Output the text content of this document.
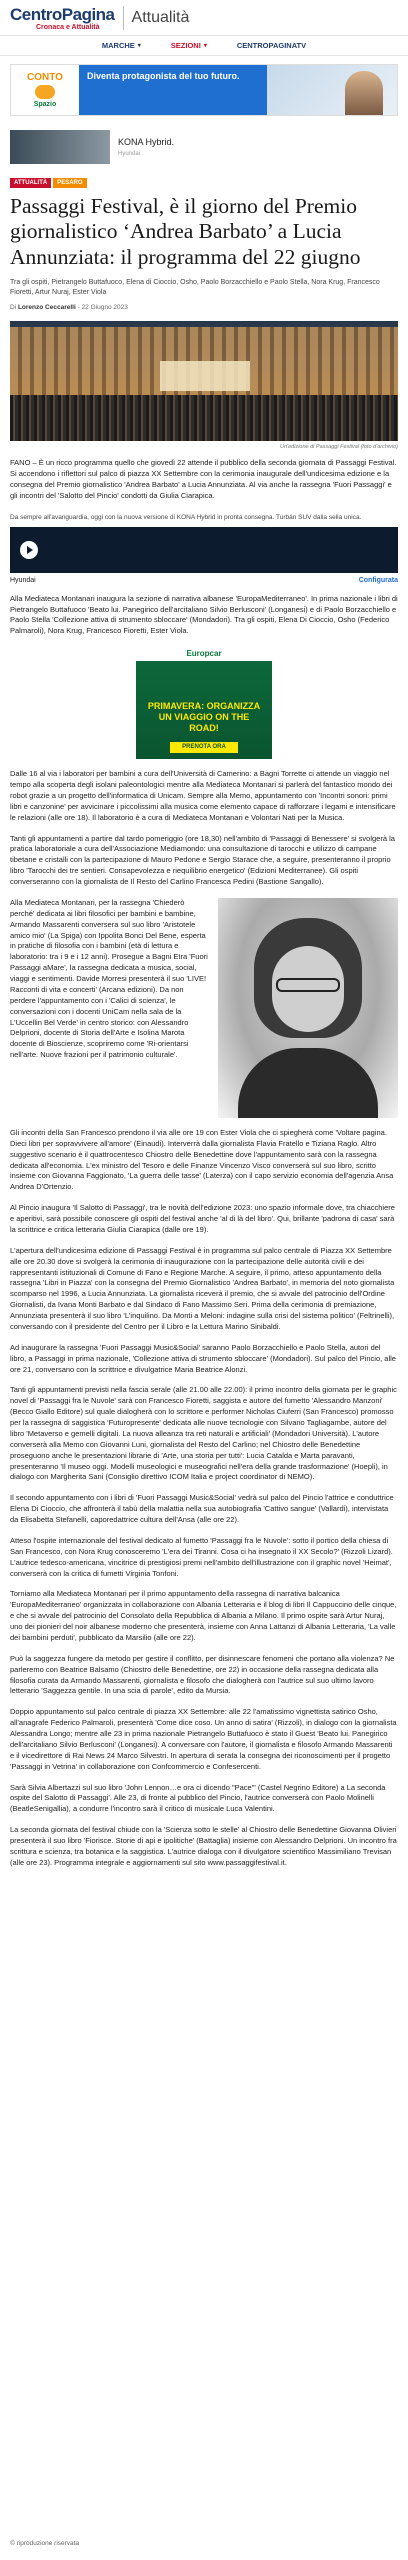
CentroPagina
Cronaca e Attualità
Attualità
MARCHE ▾	SEZIONI ▾	CENTROPAGINATV
CONTO
Spazio
Diventa protagonista del tuo futuro.
KONA Hybrid.
Hyundai
ATTUALITÀ	PESARO
Passaggi Festival, è il giorno del Premio giornalistico ‘Andrea Barbato’ a Lucia Annunziata: il programma del 22 giugno

Tra gli ospiti, Pietrangelo Buttafuoco, Elena di Cioccio, Osho, Paolo Borzacchiello e Paolo Stella, Nora Krug, Francesco Fioretti, Artur Nuraj, Ester Viola

Di Lorenzo Ceccarelli - 22 Giugno 2023

Un'edizione di Passaggi Festival (foto d'archivio)

FANO – È un ricco programma quello che giovedì 22 attende il pubblico della seconda giornata di Passaggi Festival. Si accendono i riflettori sul palco di piazza XX Settembre con la cerimonia inaugurale dell'undicesima edizione e la consegna del Premio giornalistico 'Andrea Barbato' a Lucia Annunziata. Al via anche la rassegna 'Fuori Passaggi' e gli incontri del 'Salotto del Pincio' condotti da Giulia Ciarapica.

Da sempre all'avanguardia, oggi con la nuova versione di KONA Hybrid in pronta consegna. Turbán SUV dalla sella unica.
Hyundai	Configurata

Alla Mediateca Montanari inaugura la sezione di narrativa albanese 'EuropaMediterraneo'. In prima nazionale i libri di Pietrangelo Buttafuoco 'Beato lui. Panegirico dell'arcitaliano Silvio Berlusconi' (Longanesi) e di Paolo Borzacchiello e Paolo Stella 'Collezione attiva di strumento sbloccare' (Mondadori). Tra gli ospiti, Elena Di Cioccio, Osho (Federico Palmaroli), Nora Krug, Francesco Fioretti, Ester Viola.

Europcar
PRIMAVERA: ORGANIZZA UN VIAGGIO ON THE ROAD!
PRENOTA ORA

Dalle 16 al via i laboratori per bambini a cura dell'Università di Camerino: a Bagni Torrette ci attende un viaggio nel tempo alla scoperta degli isolani paleontologici mentre alla Mediateca Montanari si parlerà del fantastico mondo dei robot grazie a un progetto dell'informatica di Unicam. Sempre alla Memo, appuntamento con 'Incontri sonori: primi libri e canzonine' per avvicinare i piccolissimi alla musica come elemento capace di rafforzare i legami e intensificare le relazioni (alle ore 18). Il laboratorio è a cura di Mediateca Montanari e Volontari Nati per la Musica.

Tanti gli appuntamenti a partire dal tardo pomeriggio (ore 18,30) nell'ambito di 'Passaggi di Benessere' si svolgerà la pratica laboratoriale a cura dell'Associazione Mediamondo: una consultazione di tarocchi e utilizzo di campane tibetane e cristalli con la partecipazione di Mauro Pedone e Sergio Starace che, a seguire, presenteranno il proprio libro 'Tarocchi dei tre sentieri. Consapevolezza e riequilibrio energetico' (Edizioni Mediterranee). Gli ospiti converseranno con la giornalista de Il Resto del Carlino Francesca Pedini (Bastione Sangallo).

Alla Mediateca Montanari, per la rassegna 'Chiederò perché' dedicata ai libri filosofici per bambini e bambine, Armando Massarenti conversera sul suo libro 'Aristotele amico mio' (La Spiga) con Ippolita Bonci Del Bene, esperta in pratiche di filosofia con i bambini (età di lettura e laboratorio: tra i 9 e i 12 anni). Prosegue a Bagni Etra 'Fuori Passaggi aMare', la rassegna dedicata a musica, social, viaggi e sentimenti. Davide Morresi presenterà il suo 'LIVE! Racconti di vita e concerti' (Arcana edizioni). Da non perdere l'appuntamento con i 'Calici di scienza', le conversazioni con i docenti UniCam nella sala de la L'Uccellin Bel Verde' in centro storico: con Alessandro Delprioni, docente di Storia dell'Arte e Isolina Marota docente di Bioscienze, scopriremo come 'Ri-orientarsi nell'arte. Nuove frazioni per il patrimonio culturale'.

Gli incontri della San Francesco prendono il via alle ore 19 con Ester Viola che ci spiegherà come 'Voltare pagina. Dieci libri per sopravvivere all'amore' (Einaudi). Interverrà dalla giornalista Flavia Fratello e Tiziana Raglo. Altro suggestivo scenario è il quattrocentesco Chiostro delle Benedettine dove l'appuntamento sarà con la rassegna dedicata all'economia. L'ex ministro del Tesoro e delle Finanze Vincenzo Visco converserà sul suo libro, scritto insieme con Giovanna Faggionato, 'La guerra delle tasse' (Laterza) con il capo servizio economia dell'agenzia Ansa Andrea D'Ortenzio.

Al Pincio inaugura 'Il Salotto di Passaggi', tra le novità dell'edizione 2023: uno spazio informale dove, tra chiacchiere e aperitivi, sarà possibile conoscere gli ospiti del festival anche 'al di là del libro'. Qui, brillante 'padrona di casa' sarà la scrittrice e critica letteraria Giulia Ciarapica (dalle ore 19).

L'apertura dell'undicesima edizione di Passaggi Festival è in programma sul palco centrale di Piazza XX Settembre alle ore 20.30 dove si svolgerà la cerimonia di inaugurazione con la partecipazione delle autorità civili e dei rappresentanti istituzionali di Comune di Fano e Regione Marche. A seguire, il primo, atteso appuntamento della rassegna 'Libri in Piazza' con la consegna del Premio Giornalistico 'Andrea Barbato', in memoria del noto giornalista scomparso nel 1996, a Lucia Annunziata. La giornalista riceverà il premio, che si avvale del patrocinio dell'Ordine Giornalisti, da Ivana Monti Barbato e dal Sindaco di Fano Massimo Seri. Prima della cerimonia di premiazione, Annunziata presenterà il suo libro 'L'inquilino. Da Monti a Meloni: indagine sulla crisi del sistema politico' (Feltrinelli), conversando con il presidente del Centro per il Libro e la Lettura Marino Sinibaldi.

Ad inaugurare la rassegna 'Fuori Passaggi Music&Social' saranno Paolo Borzacchiello e Paolo Stella, autori del libro, a Passaggi in prima nazionale, 'Collezione attiva di strumento sbloccare' (Mondadori). Sul palco del Pincio, alle ore 21, conversano con la scrittrice e divulgatrice Maria Beatrice Alonzi.

Tanti gli appuntamenti previsti nella fascia serale (alle 21.00 alle 22.00): il primo incontro della giornata per le graphic novel di 'Passaggi fra le Nuvole' sarà con Francesco Fioretti, saggista e autore del fumetto 'Alessandro Manzoni' (Becco Giallo Editore) sul quale dialogherà con lo scrittore e performer Nicholas Ciuferri (San Francesco) promosso per la rassegna di saggistica 'Futuropresente' dedicata alle nuove tecnologie con Silvano Tagliagambe, autore del libro 'Metaverso e gemelli digitali. La nuova alleanza tra reti naturali e artificiali' (Mondadori Università). L'autore converserà alla Memo con Giovanni Luni, giornalista del Resto del Carlino; nel Chiostro delle Benedettine proseguono anche le presentazioni librarie di 'Arte, una storia per tutti': Lucia Catalda e Marta paravanti, presenteranno 'Il museo oggi. Modelli museologici e museografici nell'era della grande trasformazione' (Hoepli), in dialogo con Margherita Sani (Consiglio direttivo ICOM Italia e project coordinator di NEMO).

Il secondo appuntamento con i libri di 'Fuori Passaggi Music&Social' vedrà sul palco del Pincio l'attrice e conduttrice Elena Di Cioccio, che affronterà il tabù della malattia nella sua autobiografia 'Cattivo sangue' (Vallardi), intervistata da Elisabetta Stefanelli, caporedattrice cultura dell'Ansa (alle ore 22).

Atteso l'ospite internazionale del festival dedicato al fumetto 'Passaggi fra le Nuvole': sotto il portico della chiesa di San Francesco, con Nora Krug conosceremo 'L'era dei Tiranni. Cosa ci ha insegnato il XX Secolo?' (Rizzoli Lizard). L'autrice tedesco-americana, vincitrice di prestigiosi premi nell'ambito dell'illustrazione con il graphic novel 'Heimat', converserà con la critica di fumetti Virginia Tonfoni.

Torniamo alla Mediateca Montanari per il primo appuntamento della rassegna di narrativa balcanica 'EuropaMediterraneo' organizzata in collaborazione con Albania Letteraria e il blog di libri Il Cappuccino delle cinque, e che si avvale del patrocinio del Consolato della Repubblica di Albania a Milano. Il primo ospite sarà Artur Nuraj, uno dei pionieri del noir albanese moderno che presenterà, insieme con Anna Lattanzi di Albania Letteraria, 'La valle dei bambini perduti', pubblicato da Marsilio (alle ore 22).

Può la saggezza fungere da metodo per gestire il conflitto, per disinnescare fenomeni che portano alla violenza? Ne parleremo con Beatrice Balsamo (Chiostro delle Benedettine, ore 22) in occasione della rassegna dedicata alla filosofia curata da Armando Massarenti, giornalista e filosofo che dialogherà con l'autrice sul suo ultimo lavoro letterario 'Saggezza gentile. In una scia di parole', edito da Mursia.

Doppio appuntamento sul palco centrale di piazza XX Settembre: alle 22 l'amatissimo vignettista satirico Osho, all'anagrafe Federico Palmaroli, presenterà 'Come dice coso. Un anno di satira' (Rizzoli), in dialogo con la giornalista Alessandra Longo; mentre alle 23 in prima nazionale Pietrangelo Buttafuoco è stato il Guest 'Beato lui. Panegirico dell'arcitaliano Silvio Berlusconi' (Longanesi). A conversare con l'autore, il giornalista e filosofo Armando Massarenti e il vicedirettore di Rai News 24 Marco Silvestri. In apertura di serata la consegna dei riconoscimenti per il progetto 'Passaggi in Vetrina' in collaborazione con Confcommercio e Confesercenti.

Sarà Silvia Albertazzi sul suo libro 'John Lennon…e ora ci dicendo "Pace"' (Castel Negrino Editore) a La seconda ospite del Salotto di Passaggi'. Alle 23, di fronte al pubblico del Pincio, l'autrice converserà con Paolo Molinelli (BeatleSenigallia), a condurre l'incontro sarà il critico di musicale Luca Valentini.

La seconda giornata del festival chiude con la 'Scienza sotto le stelle' al Chiostro delle Benedettine Giovanna Olivieri presenterà il suo libro 'Fiorisce. Storie di api e ipolitiche' (Battaglia) insieme con Alessandro Delprioni. Un incontro fra scrittura e scienza, tra botanica e la saggistica. L'autrice dialoga con il divulgatore scientifico Massimiliano Trevisan (alle ore 23). Programma integrale e aggiornamenti sul sito www.passaggifestival.it.

© riproduzione riservata
